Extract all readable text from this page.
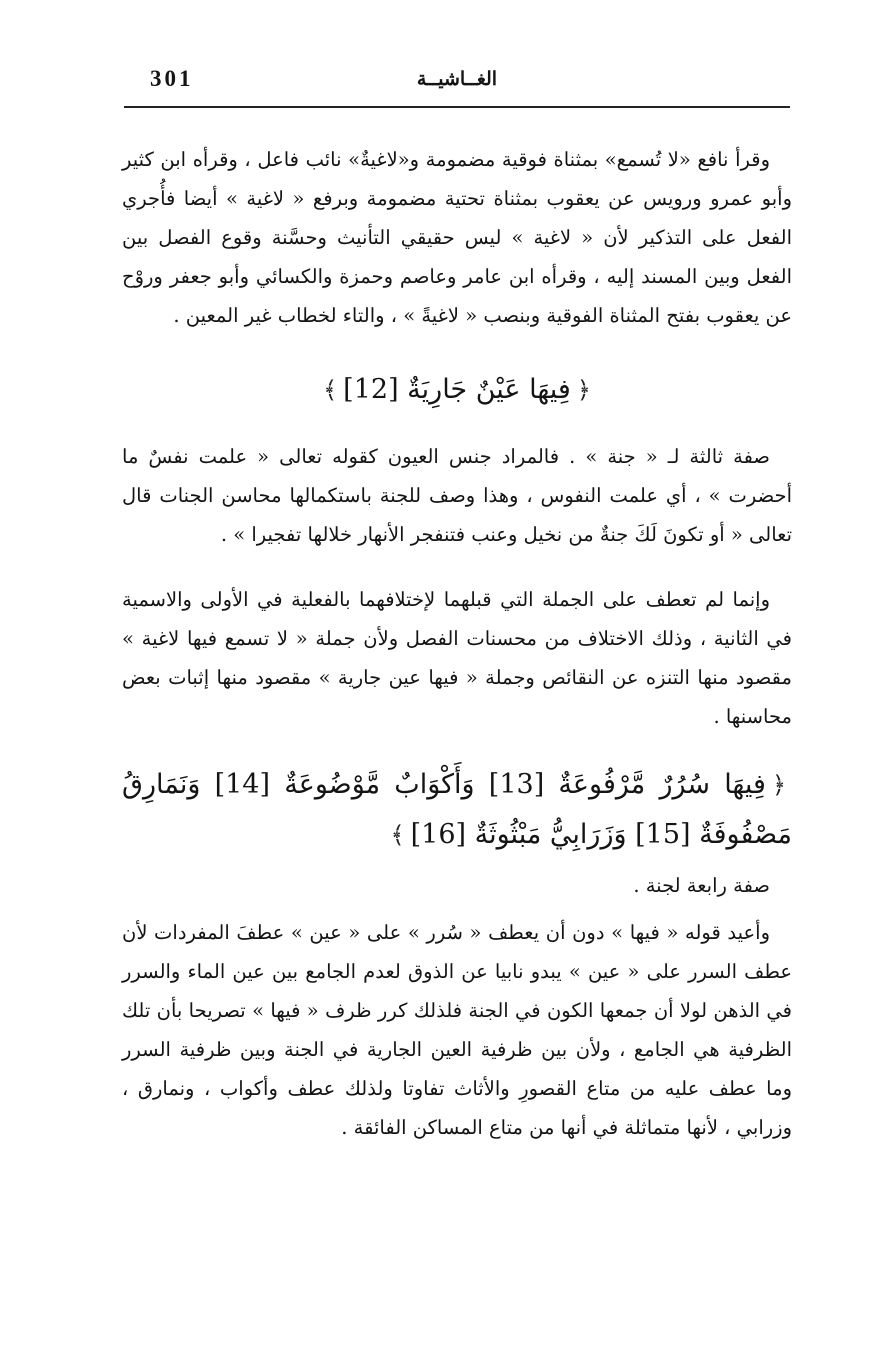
301	الغــاشيــة

وقرأ نافع «لا تُسمع» بمثناة فوقية مضمومة و«لاغيةٌ» نائب فاعل ، وقرأه ابن كثير وأبو عمرو ورويس عن يعقوب بمثناة تحتية مضمومة وبرفع « لاغية » أيضا فأُجري الفعل على التذكير لأن « لاغية » ليس حقيقي التأنيث وحسَّنة وقوع الفصل بين الفعل وبين المسند إليه ، وقرأه ابن عامر وعاصم وحمزة والكسائي وأبو جعفر وروْح عن يعقوب بفتح المثناة الفوقية وبنصب « لاغيةً » ، والتاء لخطاب غير المعين .

﴿فِيهَا عَيْنٌ جَارِيَةٌ [12]﴾

صفة ثالثة لـ « جنة » . فالمراد جنس العيون كقوله تعالى « علمت نفسٌ ما أحضرت » ، أي علمت النفوس ، وهذا وصف للجنة باستكمالها محاسن الجنات قال تعالى « أو تكونَ لَكَ جنةٌ من نخيل وعنب فتنفجر الأنهار خلالها تفجيرا » .

وإنما لم تعطف على الجملة التي قبلهما لإختلافهما بالفعلية في الأولى والاسمية في الثانية ، وذلك الاختلاف من محسنات الفصل ولأن جملة « لا تسمع فيها لاغية » مقصود منها التنزه عن النقائص وجملة « فيها عين جارية » مقصود منها إثبات بعض محاسنها .

﴿فِيهَا سُرُرٌ مَّرْفُوعَةٌ [13] وَأَكْوَابٌ مَّوْضُوعَةٌ [14] وَنَمَارِقُ مَصْفُوفَةٌ [15] وَزَرَابِيُّ مَبْثُوثَةٌ [16]﴾

صفة رابعة لجنة .

وأعيد قوله « فيها » دون أن يعطف « سُرر » على « عين » عطفَ المفردات لأن عطف السرر على « عين » يبدو نابيا عن الذوق لعدم الجامع بين عين الماء والسرر في الذهن لولا أن جمعها الكون في الجنة فلذلك كرر ظرف « فيها » تصريحا بأن تلك الظرفية هي الجامع ، ولأن بين ظرفية العين الجارية في الجنة وبين ظرفية السرر وما عطف عليه من متاع القصورِ والأثاث تفاوتا ولذلك عطف وأكواب ، ونمارق ، وزرابي ، لأنها متماثلة في أنها من متاع المساكن الفائقة .
